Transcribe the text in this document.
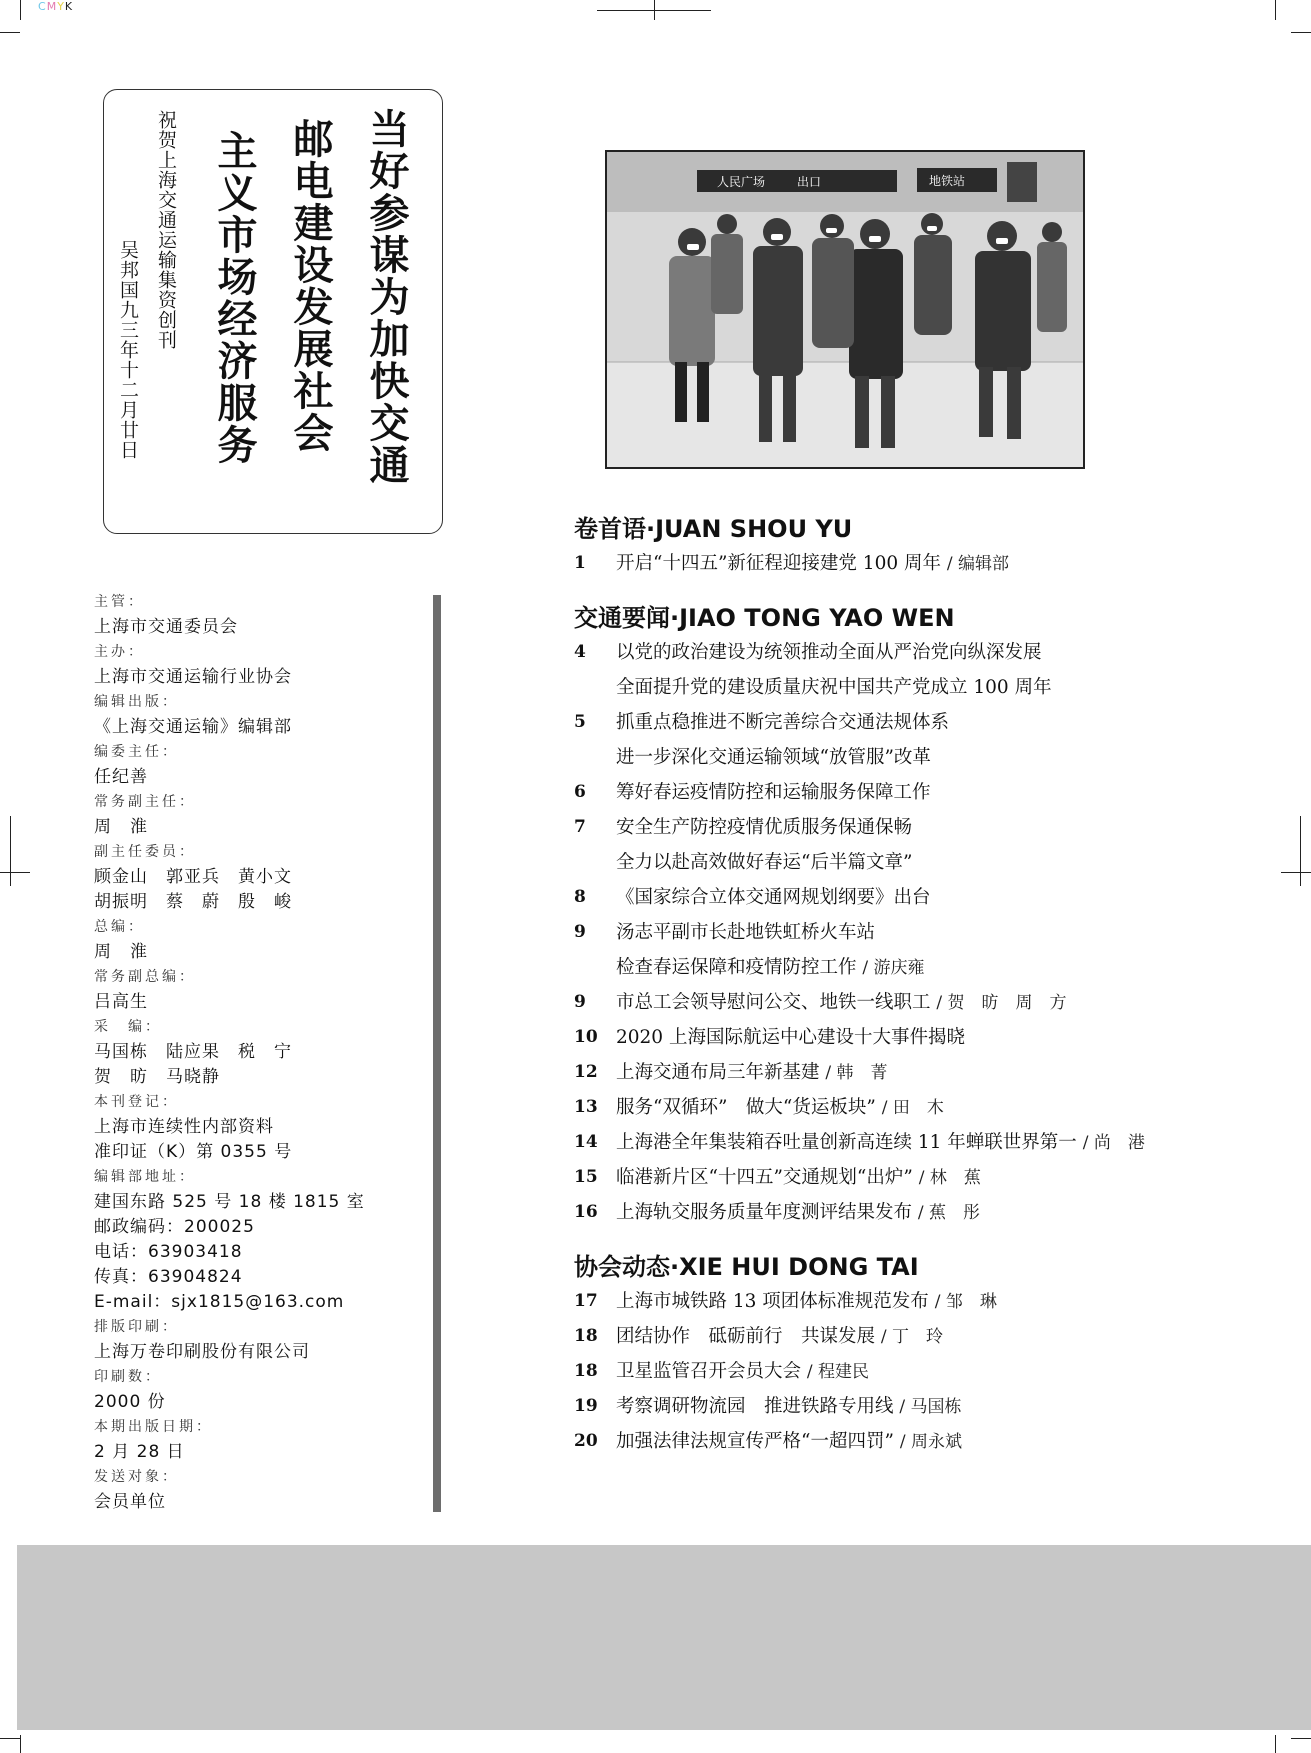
CMYK
当好参谋为加快交通
邮电建设发展社会
主义市场经济服务
祝贺上海交通运输集资创刊
吴邦国九三年十二月廿日
人民广场	出口	地铁站
主管：
上海市交通委员会
主办：
上海市交通运输行业协会
编辑出版：
《上海交通运输》编辑部
编委主任：
任纪善
常务副主任：
周　淮
副主任委员：
顾金山　郭亚兵　黄小文
胡振明　蔡　蔚　殷　峻
总编：
周　淮
常务副总编：
吕高生
采　编：
马国栋　陆应果　税　宁
贺　昉　马晓静
本刊登记：
上海市连续性内部资料
准印证（K）第 0355 号
编辑部地址：
建国东路 525 号 18 楼 1815 室
邮政编码：200025
电话：63903418
传真：63904824
E-mail：sjx1815@163.com
排版印刷：
上海万卷印刷股份有限公司
印刷数：
2000 份
本期出版日期：
2 月 28 日
发送对象：
会员单位
卷首语·JUAN SHOU YU
1	开启“十四五”新征程迎接建党 100 周年 / 编辑部
交通要闻·JIAO TONG YAO WEN
4	以党的政治建设为统领推动全面从严治党向纵深发展
全面提升党的建设质量庆祝中国共产党成立 100 周年
5	抓重点稳推进不断完善综合交通法规体系
进一步深化交通运输领域“放管服”改革
6	筹好春运疫情防控和运输服务保障工作
7	安全生产防控疫情优质服务保通保畅
全力以赴高效做好春运“后半篇文章”
8	《国家综合立体交通网规划纲要》出台
9	汤志平副市长赴地铁虹桥火车站
检查春运保障和疫情防控工作 / 游庆雍
9	市总工会领导慰问公交、地铁一线职工 / 贺　昉　周　方
10 2020 上海国际航运中心建设十大事件揭晓
12 上海交通布局三年新基建 / 韩　菁
13 服务“双循环”　做大“货运板块” / 田　木
14 上海港全年集装箱吞吐量创新高连续 11 年蝉联世界第一 / 尚　港
15 临港新片区“十四五”交通规划“出炉” / 林　蕉
16 上海轨交服务质量年度测评结果发布 / 蕉　彤
协会动态·XIE HUI DONG TAI
17 上海市城铁路 13 项团体标准规范发布 / 邹　琳
18 团结协作　砥砺前行　共谋发展 / 丁　玲
18 卫星监管召开会员大会 / 程建民
19 考察调研物流园　推进铁路专用线 / 马国栋
20 加强法律法规宣传严格“一超四罚” / 周永斌
